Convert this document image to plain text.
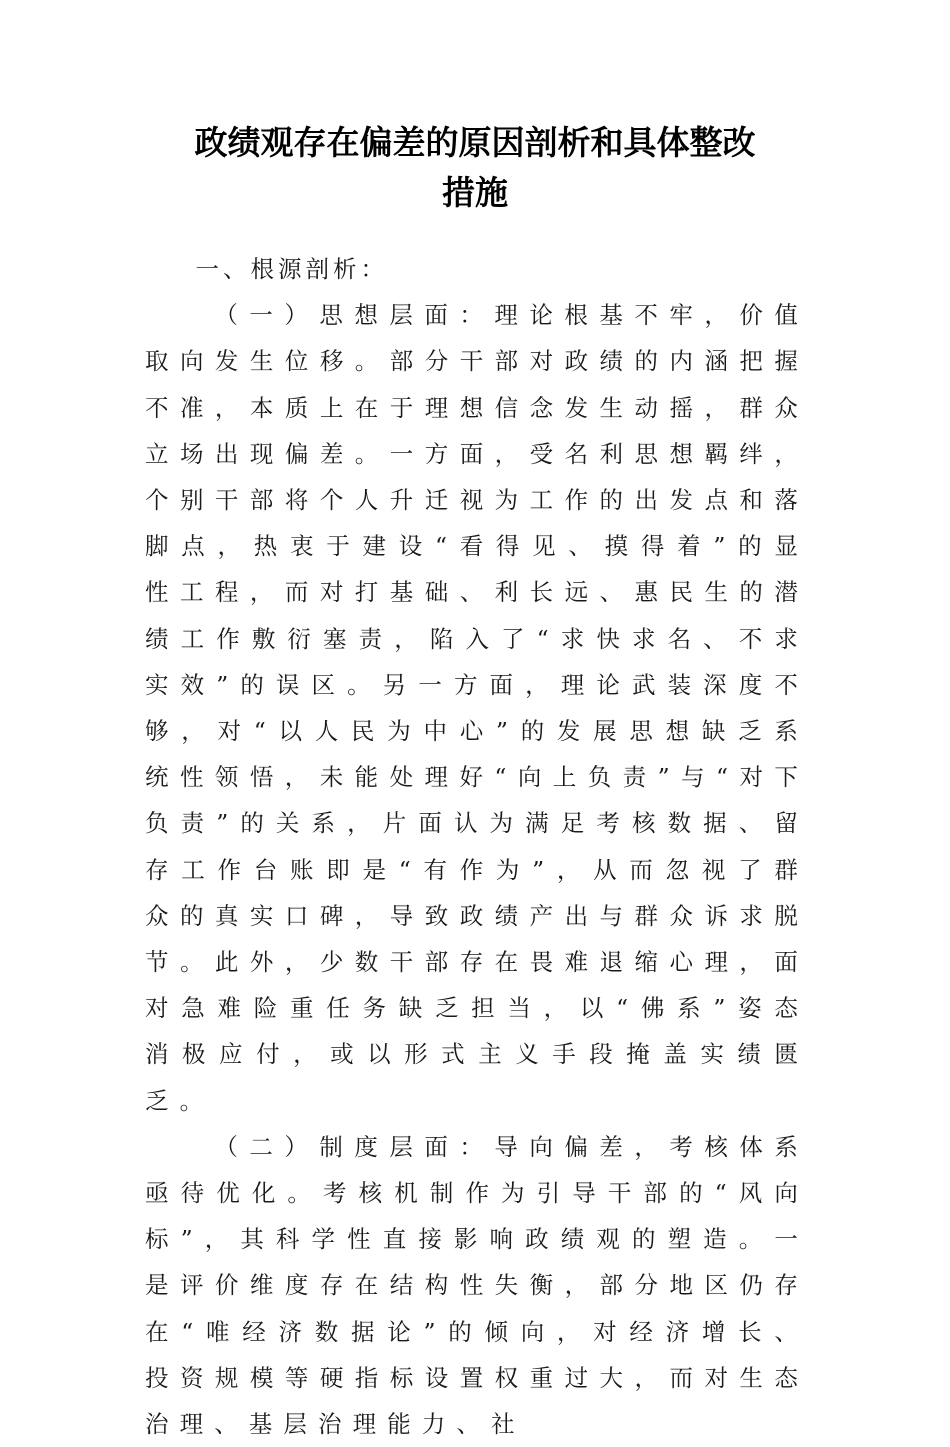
政绩观存在偏差的原因剖析和具体整改
措施

一、根源剖析：

（一）思想层面：理论根基不牢，价值取向发生位移。部分干部对政绩的内涵把握不准，本质上在于理想信念发生动摇，群众立场出现偏差。一方面，受名利思想羁绊，个别干部将个人升迁视为工作的出发点和落脚点，热衷于建设“看得见、摸得着”的显性工程，而对打基础、利长远、惠民生的潜绩工作敷衍塞责，陷入了“求快求名、不求实效”的误区。另一方面，理论武装深度不够，对“以人民为中心”的发展思想缺乏系统性领悟，未能处理好“向上负责”与“对下负责”的关系，片面认为满足考核数据、留存工作台账即是“有作为”，从而忽视了群众的真实口碑，导致政绩产出与群众诉求脱节。此外，少数干部存在畏难退缩心理，面对急难险重任务缺乏担当，以“佛系”姿态消极应付，或以形式主义手段掩盖实绩匮乏。

（二）制度层面：导向偏差，考核体系亟待优化。考核机制作为引导干部的“风向标”，其科学性直接影响政绩观的塑造。一是评价维度存在结构性失衡，部分地区仍存在“唯经济数据论”的倾向，对经济增长、投资规模等硬指标设置权重过大，而对生态治理、基层治理能力、社
